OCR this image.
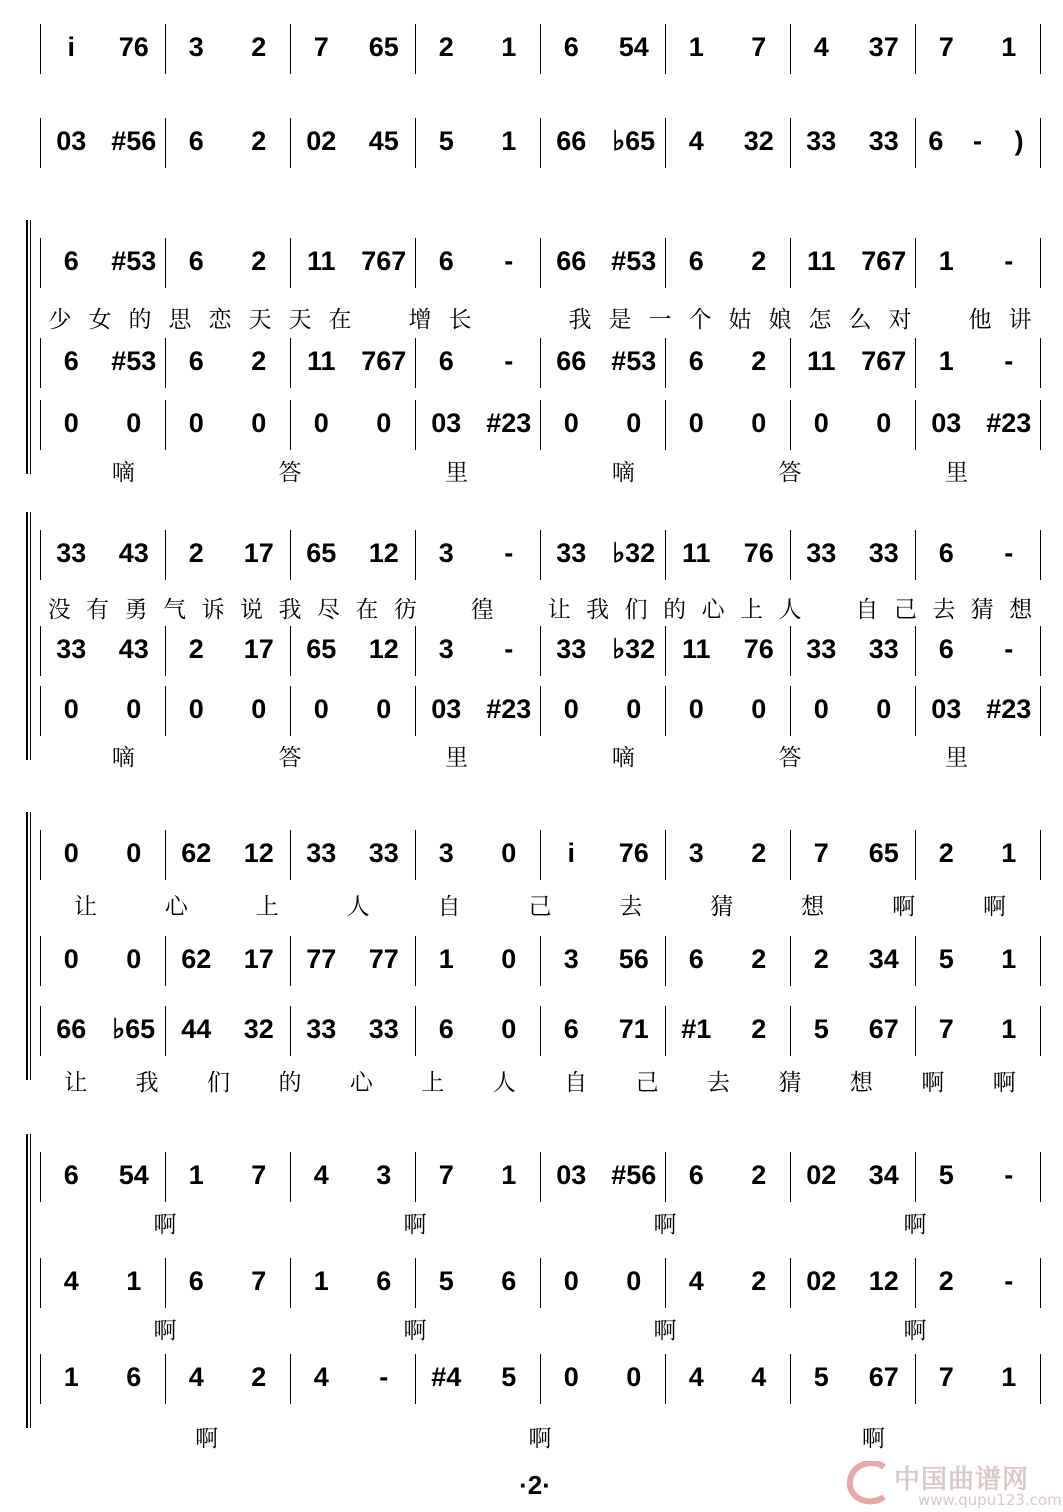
i	76	3	2	7	65	2	1	6	54	1	7	4	37	7	1
03 #56	6	2	02	45	5	1	66 ♭65	4	32	33	33	6	-	)
6	#53	6	2	11 767	6	-	66 #53	6	2	11 767	1	-
少 女 的 思 恋 天 天 在	增 长	我 是 一 个 姑 娘 怎 么 对	他 讲
6	#53	6	2	11 767	6	-	66 #53	6	2	11 767	1	-
0	0	0	0	0	0	03 #23	0	0	0	0	0	0	03 #23
嘀	答	里	嘀	答	里
33	43	2	17	65	12	3	-	33 ♭32 11	76	33	33	6	-
没 有 勇 气 诉 说 我 尽 在 彷	徨	让 我 们 的 心 上 人	自 己 去 猜 想
33	43	2	17	65	12	3	-	33 ♭32 11	76	33	33	6	-
0	0	0	0	0	0	03 #23	0	0	0	0	0	0	03 #23
嘀	答	里	嘀	答	里
0	0	62	12	33	33	3	0	i	76	3	2	7	65	2	1
让	心	上	人	自	己	去	猜	想	啊	啊
0	0	62	17	77	77	1	0	3	56	6	2	2	34	5	1
66 ♭65 44	32	33	33	6	0	6	71	#1	2	5	67	7	1
让	我	们	的	心	上	人	自	己	去	猜	想	啊	啊
6	54	1	7	4	3	7	1	03 #56	6	2	02	34	5	-
啊	啊	啊	啊
4	1	6	7	1	6	5	6	0	0	4	2	02	12	2	-
啊	啊	啊	啊
1	6	4	2	4	-	#4	5	0	0	4	4	5	67	7	1
啊	啊	啊
·2·	中国曲谱网
www.qupu123.com
